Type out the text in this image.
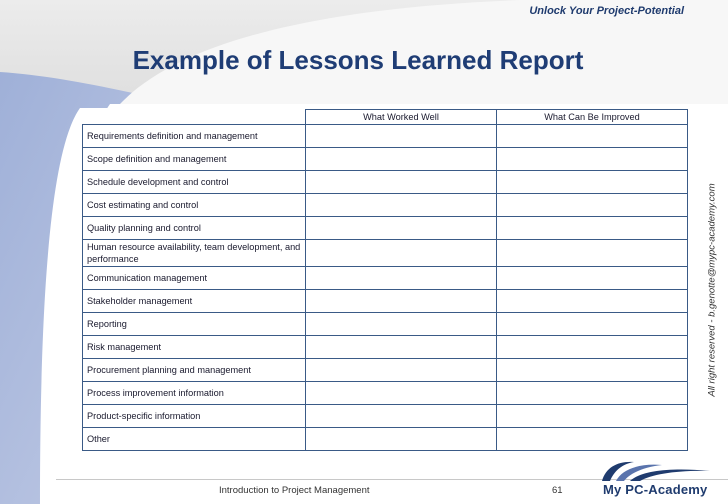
Unlock Your Project-Potential
Example of Lessons Learned Report
	What Worked Well	What Can Be Improved
Requirements definition and management		
Scope definition and management		
Schedule development and control		
Cost estimating and control		
Quality planning and control		
Human resource availability, team development, and performance		
Communication management		
Stakeholder management		
Reporting		
Risk management		
Procurement planning and management		
Process improvement information		
Product-specific information		
Other		
All right reserved - b.genotte@mypc-academy.com
Introduction to Project Management	61	My PC-Academy
